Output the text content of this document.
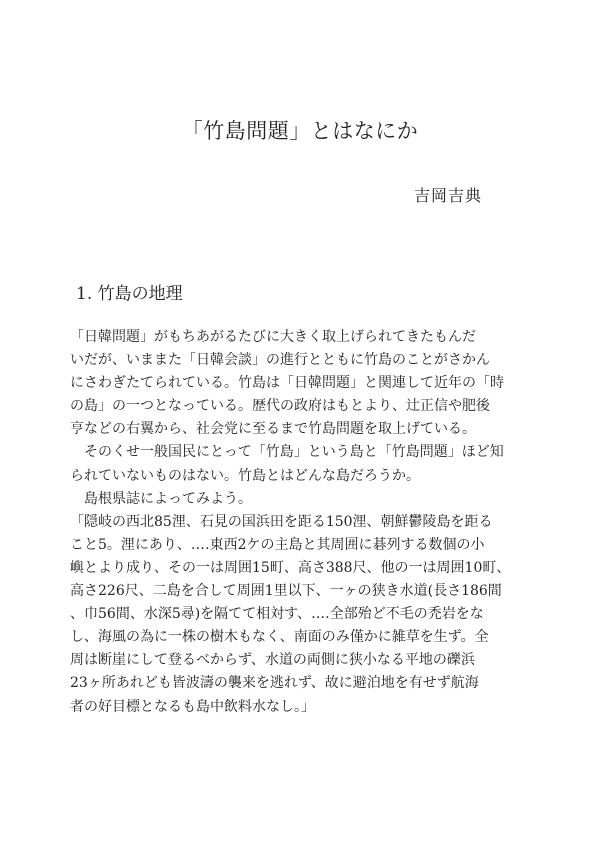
「竹島問題」とはなにか
吉岡吉典
1. 竹島の地理
「日韓問題」がもちあがるたびに大きく取上げられてきたもんだ
いだが、いままた「日韓会談」の進行とともに竹島のことがさかん
にさわぎたてられている。竹島は「日韓問題」と関連して近年の「時
の島」の一つとなっている。歴代の政府はもとより、辻正信や肥後
亨などの右翼から、社会党に至るまで竹島問題を取上げている。
　そのくせ一般国民にとって「竹島」という島と「竹島問題」ほど知
られていないものはない。竹島とはどんな島だろうか。
　島根県誌によってみよう。
「隠岐の西北85浬、石見の国浜田を距る150浬、朝鮮鬱陵島を距る
こと5。浬にあり、‥‥東西2ケの主島と其周囲に碁列する数個の小
嶼とより成り、その一は周囲15町、高さ388尺、他の一は周囲10町、
高さ226尺、二島を合して周囲1里以下、一ヶの狭き水道(長さ186間
、巾56間、水深5尋)を隔てて相対す、‥‥全部殆ど不毛の禿岩をな
し、海風の為に一株の樹木もなく、南面のみ僅かに雑草を生ず。全
周は断崖にして登るべからず、水道の両側に狭小なる平地の礫浜
23ヶ所あれども皆波濤の襲来を逃れず、故に避泊地を有せず航海
者の好目標となるも島中飲料水なし。」
